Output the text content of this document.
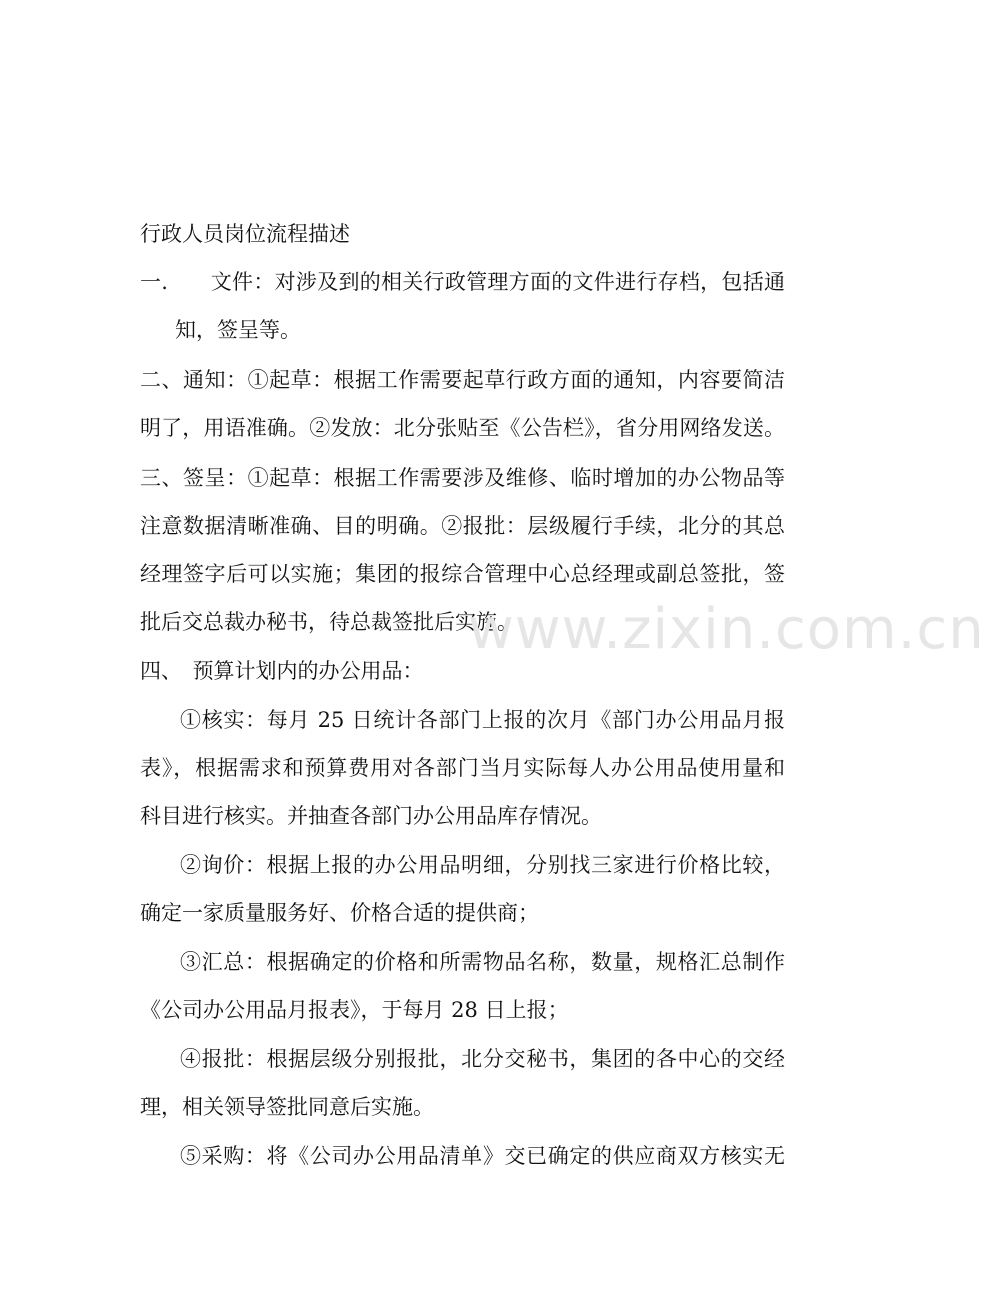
行政人员岗位流程描述
一.　　文件：对涉及到的相关行政管理方面的文件进行存档，包括通
知，签呈等。
二、通知：①起草：根据工作需要起草行政方面的通知，内容要简洁
明了，用语准确。②发放：北分张贴至《公告栏》，省分用网络发送。
三、签呈：①起草：根据工作需要涉及维修、临时增加的办公物品等
注意数据清晰准确、目的明确。②报批：层级履行手续，北分的其总
经理签字后可以实施；集团的报综合管理中心总经理或副总签批，签
批后交总裁办秘书，待总裁签批后实施。
四、　预算计划内的办公用品：
①核实：每月 25 日统计各部门上报的次月《部门办公用品月报
表》，根据需求和预算费用对各部门当月实际每人办公用品使用量和
科目进行核实。并抽查各部门办公用品库存情况。
②询价：根据上报的办公用品明细，分别找三家进行价格比较，
确定一家质量服务好、价格合适的提供商；
③汇总：根据确定的价格和所需物品名称，数量，规格汇总制作
《公司办公用品月报表》，于每月 28 日上报；
④报批：根据层级分别报批，北分交秘书，集团的各中心的交经
理，相关领导签批同意后实施。
⑤采购：将《公司办公用品清单》交已确定的供应商双方核实无
www.zixin.com.cn
